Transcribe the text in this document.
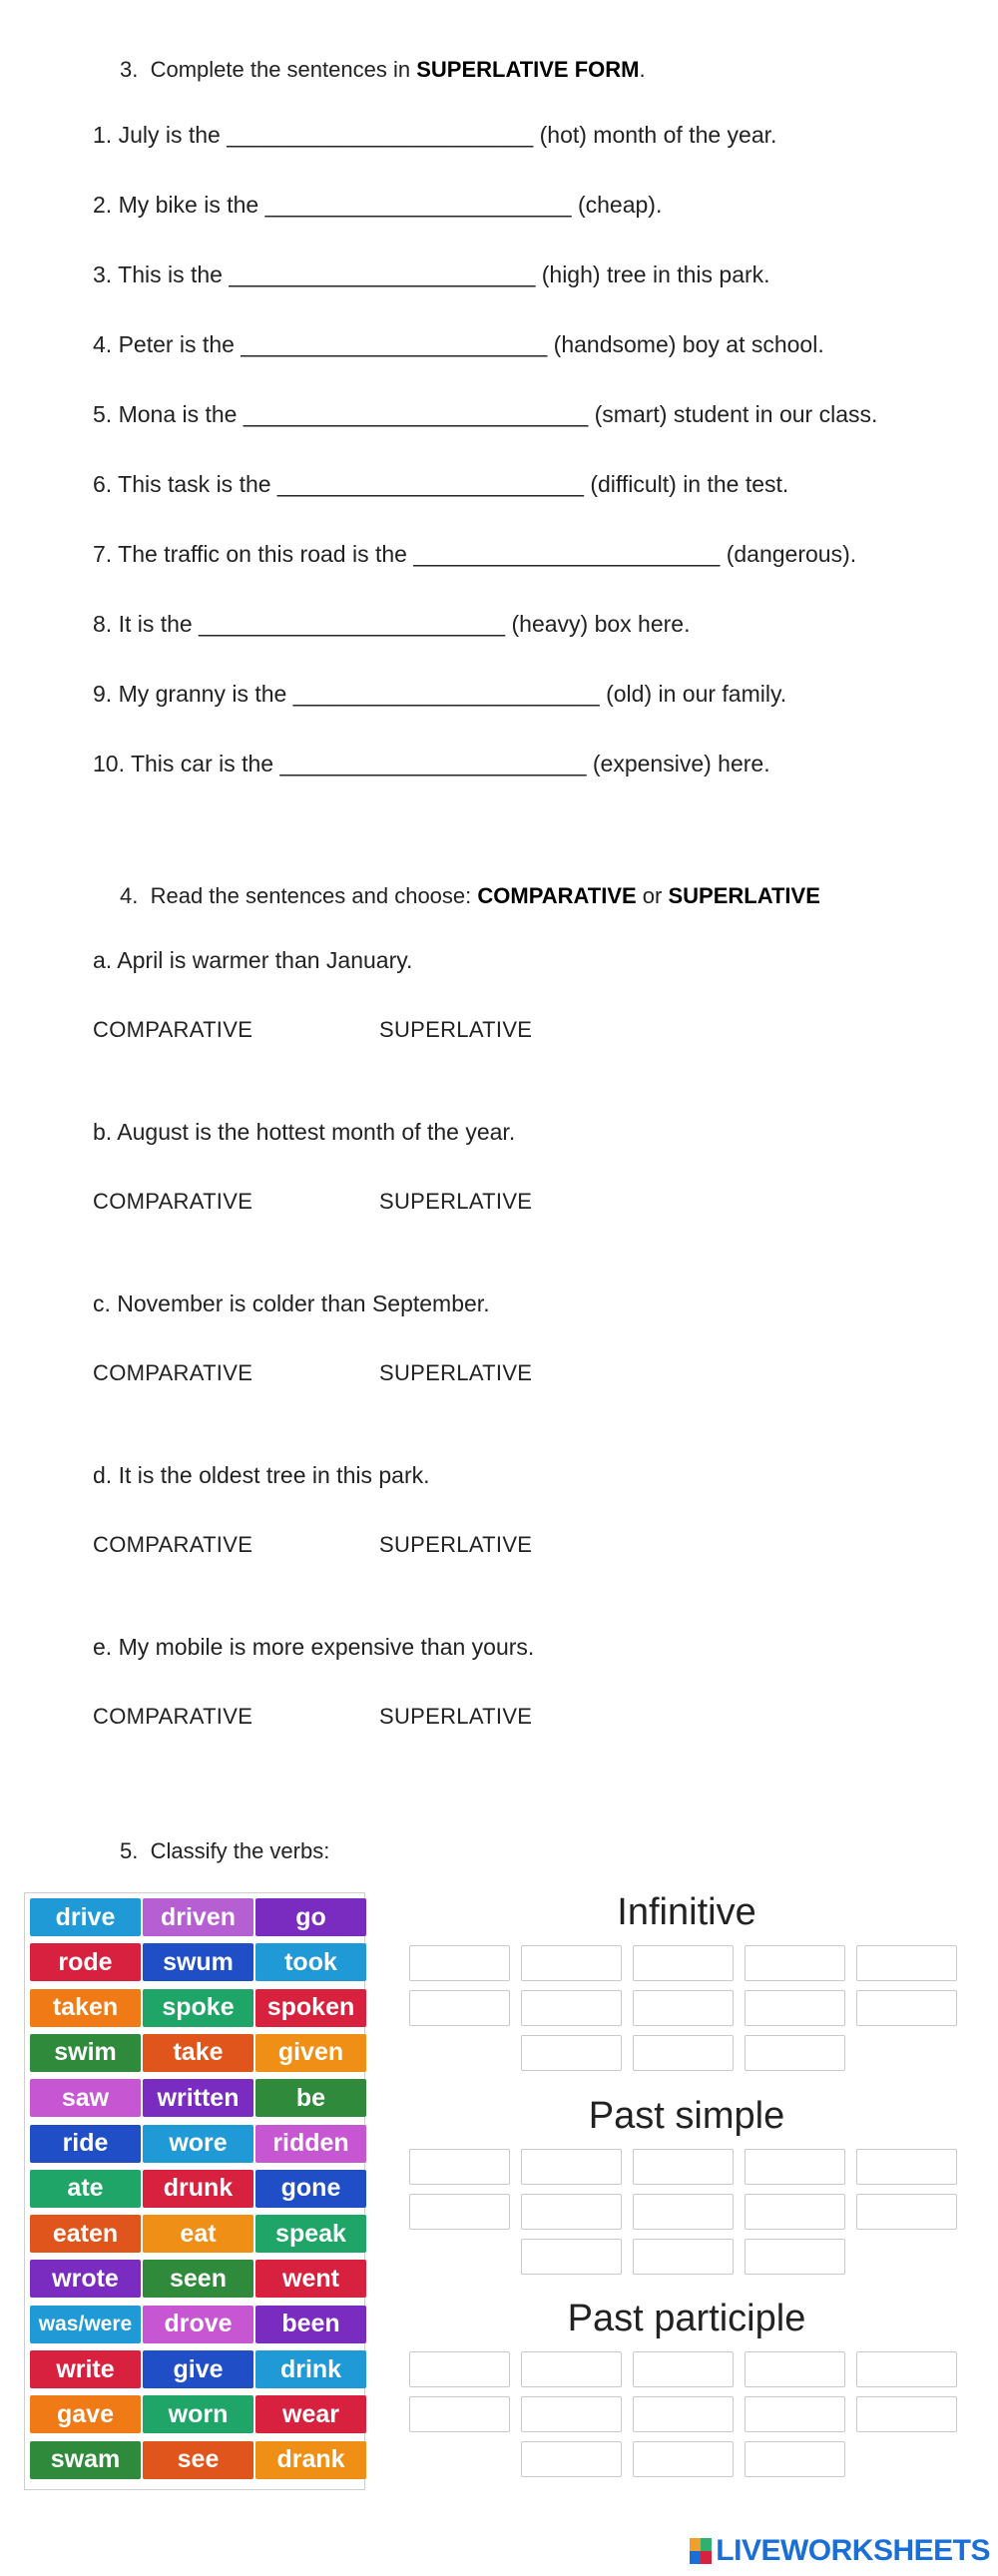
3. Complete the sentences in SUPERLATIVE FORM.
1. July is the ________________________ (hot) month of the year.
2. My bike is the ________________________ (cheap).
3. This is the ________________________ (high) tree in this park.
4. Peter is the ________________________ (handsome) boy at school.
5. Mona is the ___________________________ (smart) student in our class.
6. This task is the ________________________ (difficult) in the test.
7. The traffic on this road is the ________________________ (dangerous).
8. It is the ________________________ (heavy) box here.
9. My granny is the ________________________ (old) in our family.
10. This car is the ________________________ (expensive) here.
4. Read the sentences and choose: COMPARATIVE or SUPERLATIVE
a. April is warmer than January.
COMPARATIVE	SUPERLATIVE
b. August is the hottest month of the year.
COMPARATIVE	SUPERLATIVE
c. November is colder than September.
COMPARATIVE	SUPERLATIVE
d. It is the oldest tree in this park.
COMPARATIVE	SUPERLATIVE
e. My mobile is more expensive than yours.
COMPARATIVE	SUPERLATIVE
5. Classify the verbs:
drive	driven	go
rode	swum	took
taken	spoke	spoken
swim	take	given
saw	written	be
ride	wore	ridden
ate	drunk	gone
eaten	eat	speak
wrote	seen	went
was/were	drove	been
write	give	drink
gave	worn	wear
swam	see	drank
Infinitive
Past simple
Past participle
LIVEWORKSHEETS
